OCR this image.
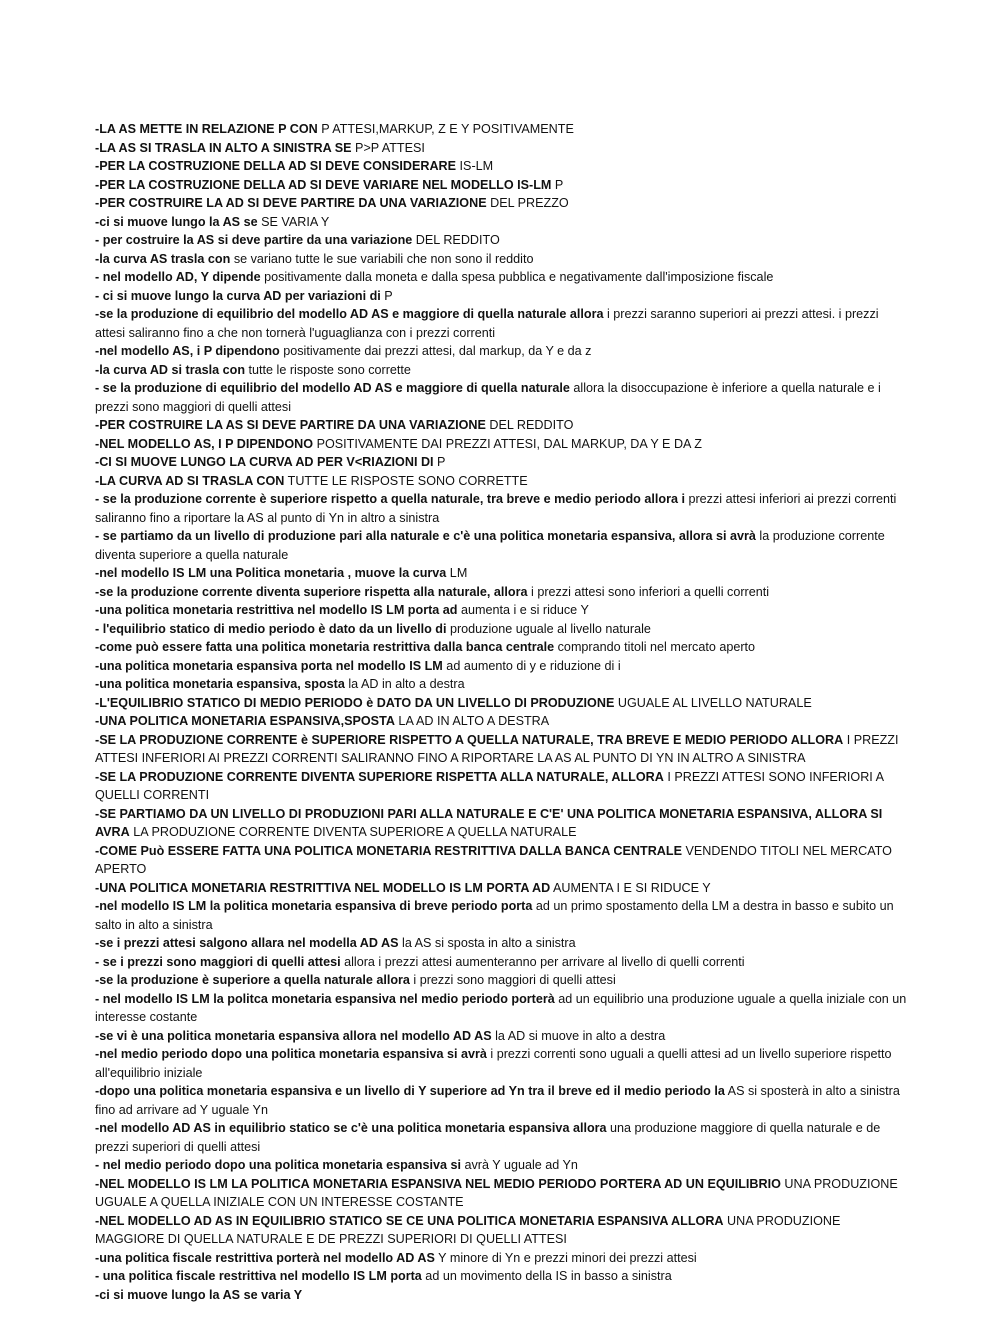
-LA AS METTE IN RELAZIONE P CON P ATTESI,MARKUP, Z E Y POSITIVAMENTE

-LA AS SI TRASLA IN ALTO A SINISTRA SE P>P ATTESI

-PER LA COSTRUZIONE DELLA AD SI DEVE CONSIDERARE IS-LM

-PER LA COSTRUZIONE DELLA AD SI DEVE VARIARE NEL MODELLO IS-LM P

-PER COSTRUIRE LA AD SI DEVE PARTIRE DA UNA VARIAZIONE DEL PREZZO

-ci si muove lungo la AS se SE VARIA Y

- per costruire la AS si deve partire da una variazione DEL REDDITO

-la curva AS trasla con se variano tutte le sue variabili che non sono il reddito

- nel modello AD, Y dipende positivamente dalla moneta e dalla spesa pubblica e negativamente dall'imposizione fiscale

- ci si muove lungo la curva AD per variazioni di P

-se la produzione di equilibrio del modello AD AS e maggiore di quella naturale allora i prezzi saranno superiori ai prezzi attesi. i prezzi attesi saliranno fino a che non tornerà l'uguaglianza con i prezzi correnti

-nel modello AS, i P dipendono positivamente dai prezzi attesi, dal markup, da Y e da z

-la curva AD si trasla con tutte le risposte sono corrette

- se la produzione di equilibrio del modello AD AS e maggiore di quella naturale allora la disoccupazione è inferiore a quella naturale e i prezzi sono maggiori di quelli attesi

-PER COSTRUIRE LA AS SI DEVE PARTIRE DA UNA VARIAZIONE DEL REDDITO

-NEL MODELLO AS, I P DIPENDONO POSITIVAMENTE DAI PREZZI ATTESI, DAL MARKUP, DA Y E DA Z

-CI SI MUOVE LUNGO LA CURVA AD PER V<RIAZIONI DI P

-LA CURVA AD SI TRASLA CON TUTTE LE RISPOSTE SONO CORRETTE

- se la produzione corrente è superiore rispetto a quella naturale, tra breve e medio periodo allora i prezzi attesi inferiori ai prezzi correnti saliranno fino a riportare la AS al punto di Yn in altro a sinistra

- se partiamo da un livello di produzione pari alla naturale e c'è una politica monetaria espansiva, allora si avrà la produzione corrente diventa superiore a quella naturale

-nel modello IS LM una Politica monetaria , muove la curva LM

-se la produzione corrente diventa superiore rispetta alla naturale, allora i prezzi attesi sono inferiori a quelli correnti

-una politica monetaria restrittiva nel modello IS LM porta ad aumenta i e si riduce Y

- l'equilibrio statico di medio periodo è dato da un livello di produzione uguale al livello naturale

-come può essere fatta una politica monetaria restrittiva dalla banca centrale comprando titoli nel mercato aperto

-una politica monetaria espansiva porta nel modello IS LM ad aumento di y e riduzione di i

-una politica monetaria espansiva, sposta la AD in alto a destra

-L'EQUILIBRIO STATICO DI MEDIO PERIODO è DATO DA UN LIVELLO DI PRODUZIONE UGUALE AL LIVELLO NATURALE

-UNA POLITICA MONETARIA ESPANSIVA,SPOSTA LA AD IN ALTO A DESTRA

-SE LA PRODUZIONE CORRENTE è SUPERIORE RISPETTO A QUELLA NATURALE, TRA BREVE E MEDIO PERIODO ALLORA I PREZZI ATTESI INFERIORI AI PREZZI CORRENTI SALIRANNO FINO A RIPORTARE LA AS AL PUNTO DI YN IN ALTRO A SINISTRA

-SE LA PRODUZIONE CORRENTE DIVENTA SUPERIORE RISPETTA ALLA NATURALE, ALLORA I PREZZI ATTESI SONO INFERIORI A QUELLI CORRENTI

-SE PARTIAMO DA UN LIVELLO DI PRODUZIONI PARI ALLA NATURALE E C'E' UNA POLITICA MONETARIA ESPANSIVA, ALLORA SI AVRA LA PRODUZIONE CORRENTE DIVENTA SUPERIORE A QUELLA NATURALE

-COME Può ESSERE FATTA UNA POLITICA MONETARIA RESTRITTIVA DALLA BANCA CENTRALE VENDENDO TITOLI NEL MERCATO APERTO

-UNA POLITICA MONETARIA RESTRITTIVA NEL MODELLO IS LM PORTA AD AUMENTA I E SI RIDUCE Y

-nel modello IS LM la politica monetaria espansiva di breve periodo porta ad un primo spostamento della LM a destra in basso e subito un salto in alto a sinistra

-se i prezzi attesi salgono allara nel modella AD AS la AS si sposta in alto a sinistra

- se i prezzi sono maggiori di quelli attesi allora i prezzi attesi aumenteranno per arrivare al livello di quelli correnti

-se la produzione è superiore a quella naturale allora i prezzi sono maggiori di quelli attesi

- nel modello IS LM la politca monetaria espansiva nel medio periodo porterà ad un equilibrio una produzione uguale a quella iniziale con un interesse costante

-se vi è una politica monetaria espansiva allora nel modello AD AS la AD si muove in alto a destra

-nel medio periodo dopo una politica monetaria espansiva si avrà i prezzi correnti sono uguali a quelli attesi ad un livello superiore rispetto all'equilibrio iniziale

-dopo una politica monetaria espansiva e un livello di Y superiore ad Yn tra il breve ed il medio periodo la AS si sposterà in alto a sinistra fino ad arrivare ad Y uguale Yn

-nel modello AD AS in equilibrio statico se c'è una politica monetaria espansiva allora una produzione maggiore di quella naturale e de prezzi superiori di quelli attesi

- nel medio periodo dopo una politica monetaria espansiva si avrà Y uguale ad Yn

-NEL MODELLO IS LM LA POLITICA MONETARIA ESPANSIVA NEL MEDIO PERIODO PORTERA AD UN EQUILIBRIO UNA PRODUZIONE UGUALE A QUELLA INIZIALE CON UN INTERESSE COSTANTE

-NEL MODELLO AD AS IN EQUILIBRIO STATICO SE CE UNA POLITICA MONETARIA ESPANSIVA ALLORA UNA PRODUZIONE MAGGIORE DI QUELLA NATURALE E DE PREZZI SUPERIORI DI QUELLI ATTESI

-una politica fiscale restrittiva porterà nel modello AD AS Y minore di Yn e prezzi minori dei prezzi attesi

- una politica fiscale restrittiva nel modello IS LM porta ad un movimento della IS in basso a sinistra

-ci si muove lungo la AS se varia Y
